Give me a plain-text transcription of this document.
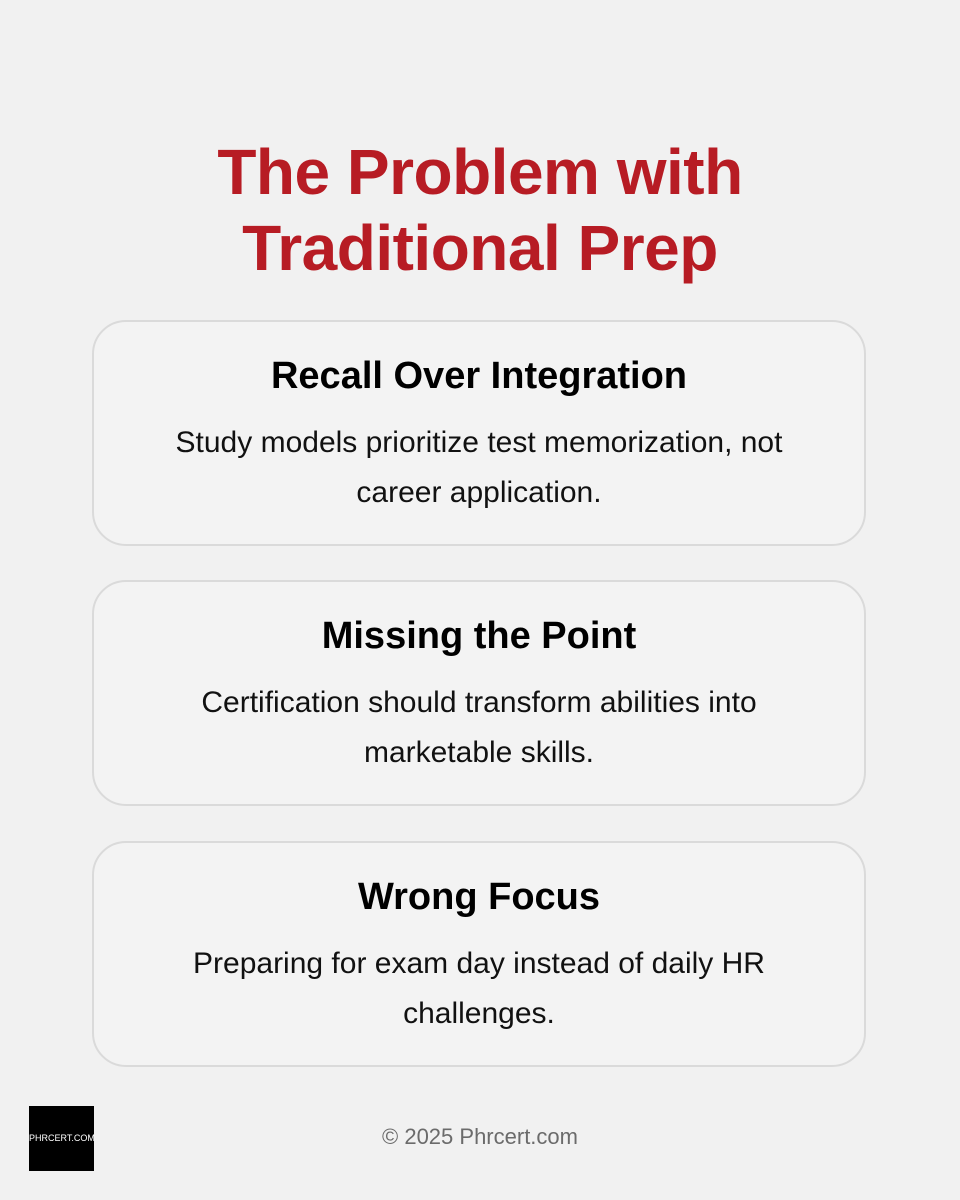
The Problem with
Traditional Prep
Recall Over Integration
Study models prioritize test memorization, not career application.
Missing the Point
Certification should transform abilities into marketable skills.
Wrong Focus
Preparing for exam day instead of daily HR challenges.
PHRCERT.COM	© 2025 Phrcert.com
